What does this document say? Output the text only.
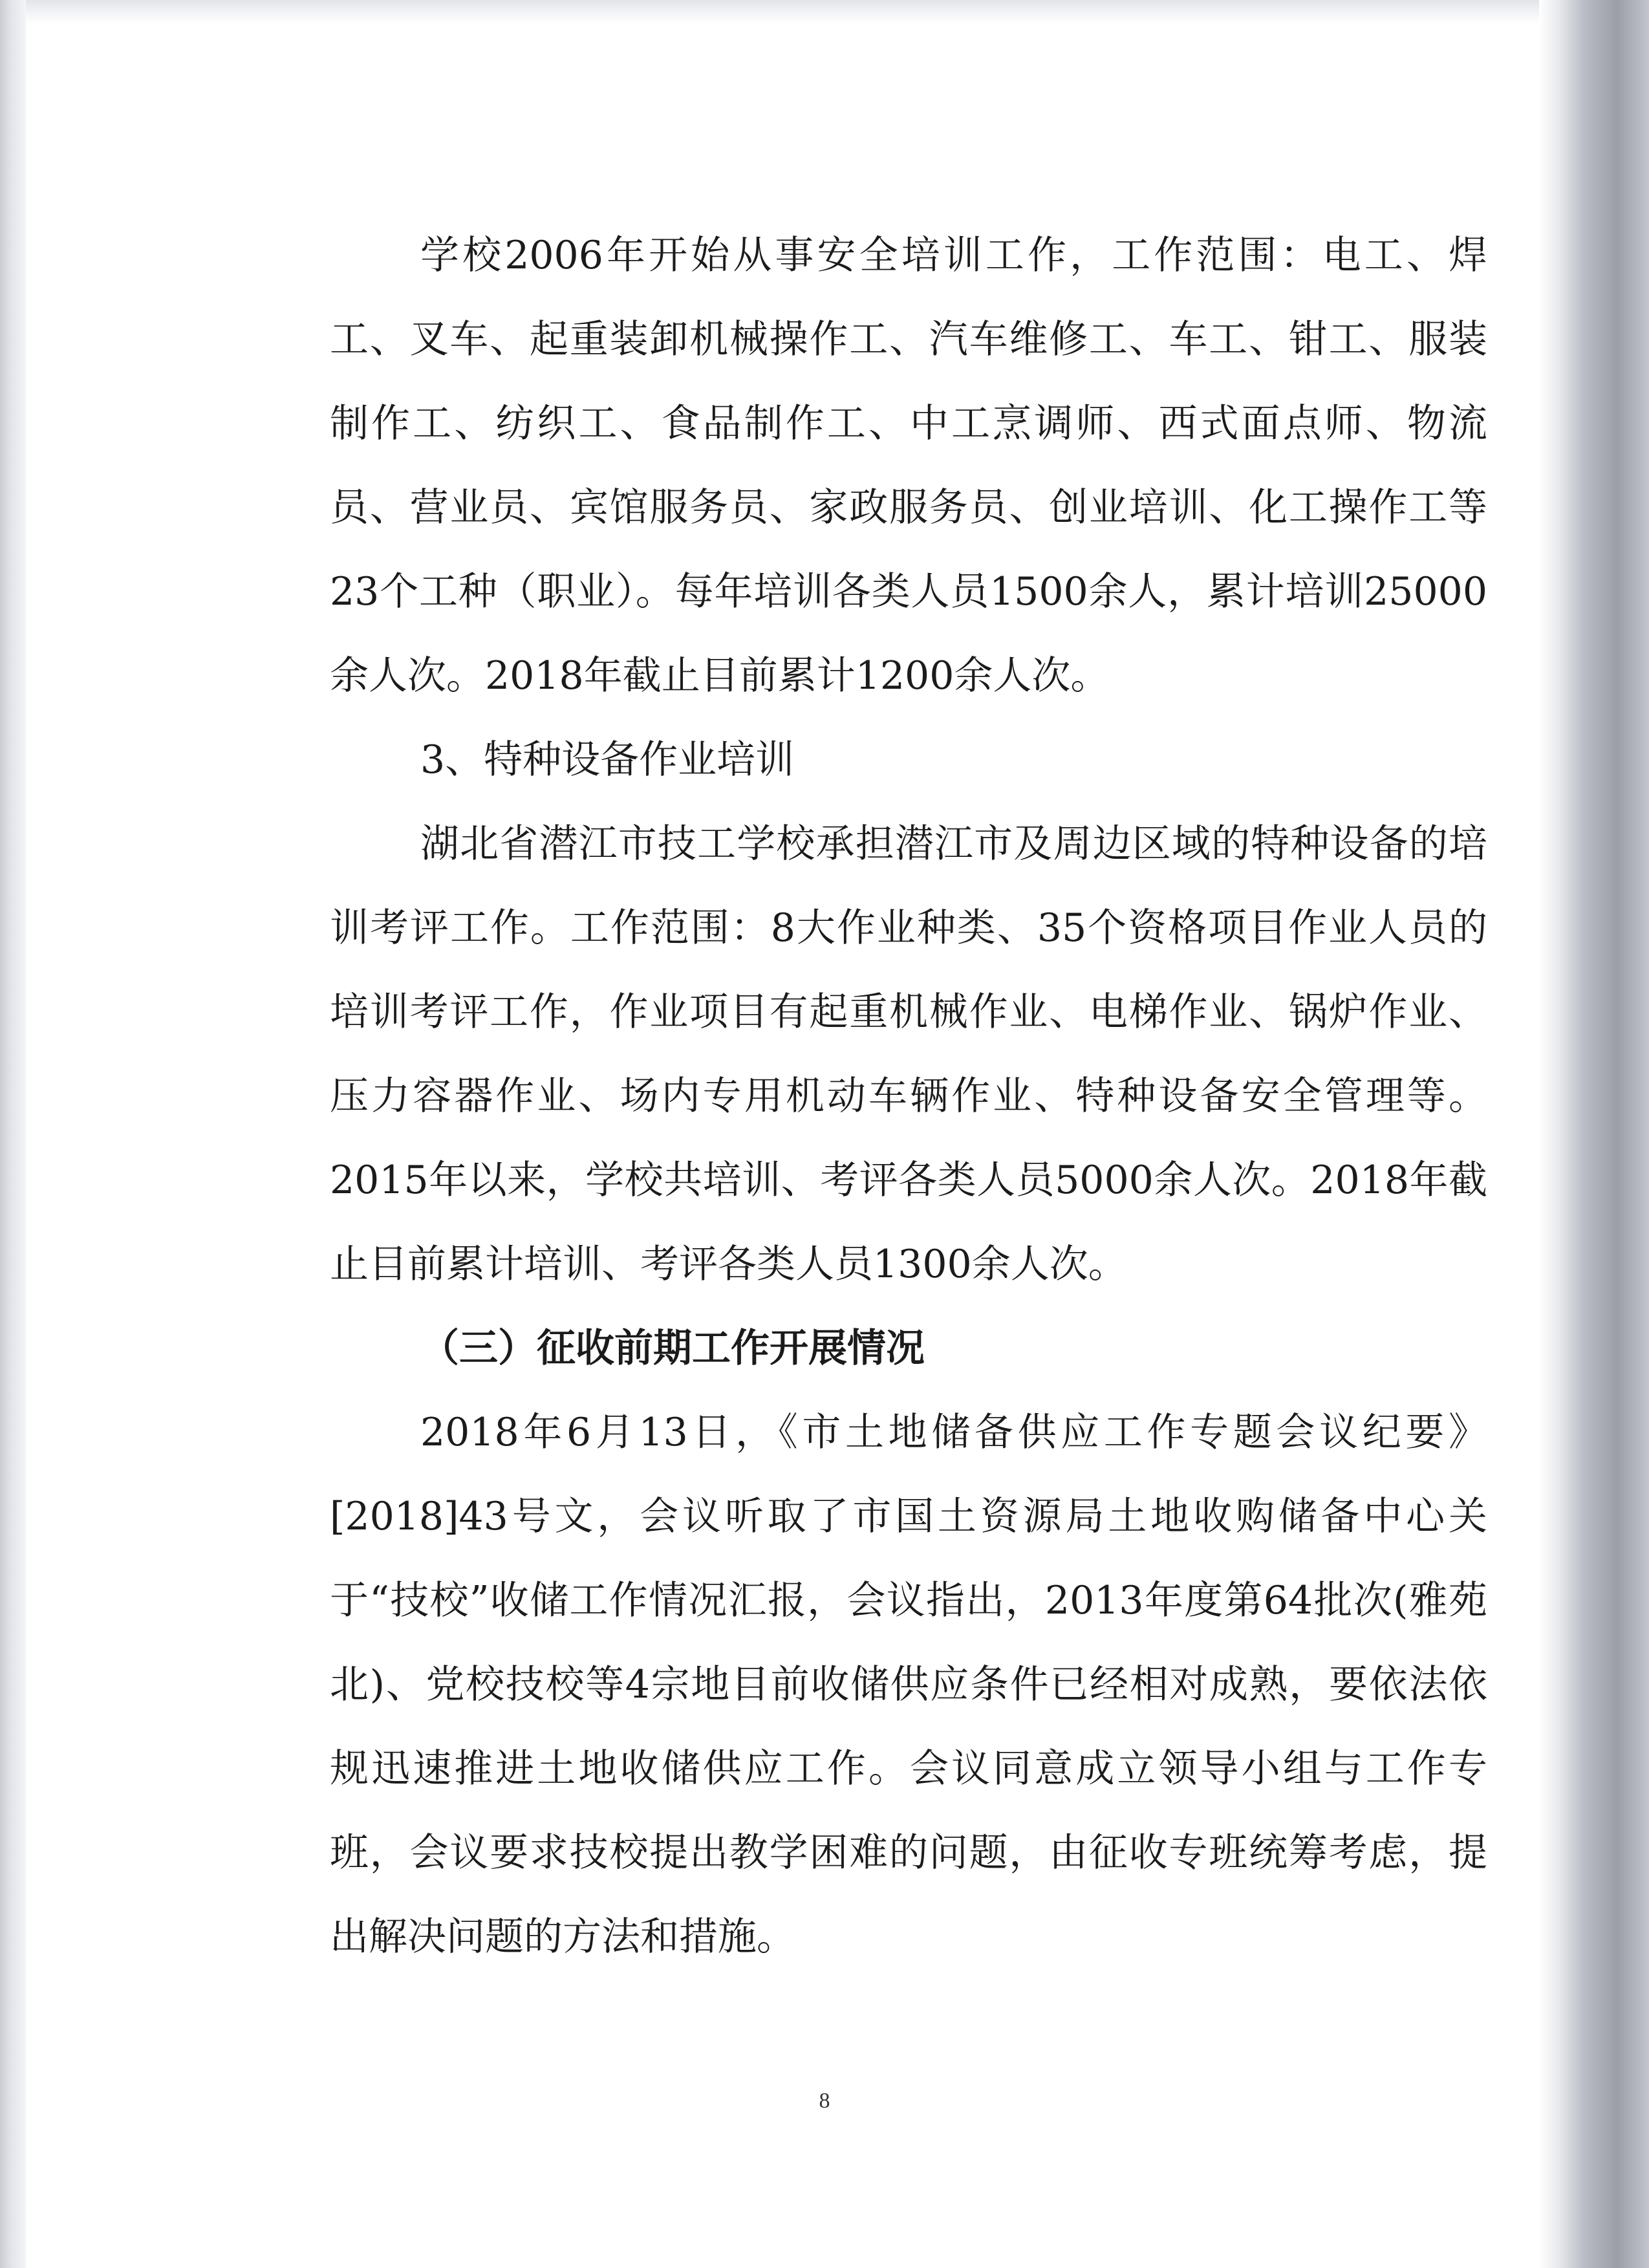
学校2006年开始从事安全培训工作，工作范围：电工、焊工、叉车、起重装卸机械操作工、汽车维修工、车工、钳工、服装制作工、纺织工、食品制作工、中工烹调师、西式面点师、物流员、营业员、宾馆服务员、家政服务员、创业培训、化工操作工等23个工种（职业）。每年培训各类人员1500余人，累计培训25000余人次。2018年截止目前累计1200余人次。

3、特种设备作业培训

湖北省潜江市技工学校承担潜江市及周边区域的特种设备的培训考评工作。工作范围：8大作业种类、35个资格项目作业人员的培训考评工作，作业项目有起重机械作业、电梯作业、锅炉作业、压力容器作业、场内专用机动车辆作业、特种设备安全管理等。2015年以来，学校共培训、考评各类人员5000余人次。2018年截止目前累计培训、考评各类人员1300余人次。

（三）征收前期工作开展情况

2018年6月13日，《市土地储备供应工作专题会议纪要》[2018]43号文，会议听取了市国土资源局土地收购储备中心关于“技校”收储工作情况汇报，会议指出，2013年度第64批次(雅苑北)、党校技校等4宗地目前收储供应条件已经相对成熟，要依法依规迅速推进土地收储供应工作。会议同意成立领导小组与工作专班，会议要求技校提出教学困难的问题，由征收专班统筹考虑，提出解决问题的方法和措施。

8
